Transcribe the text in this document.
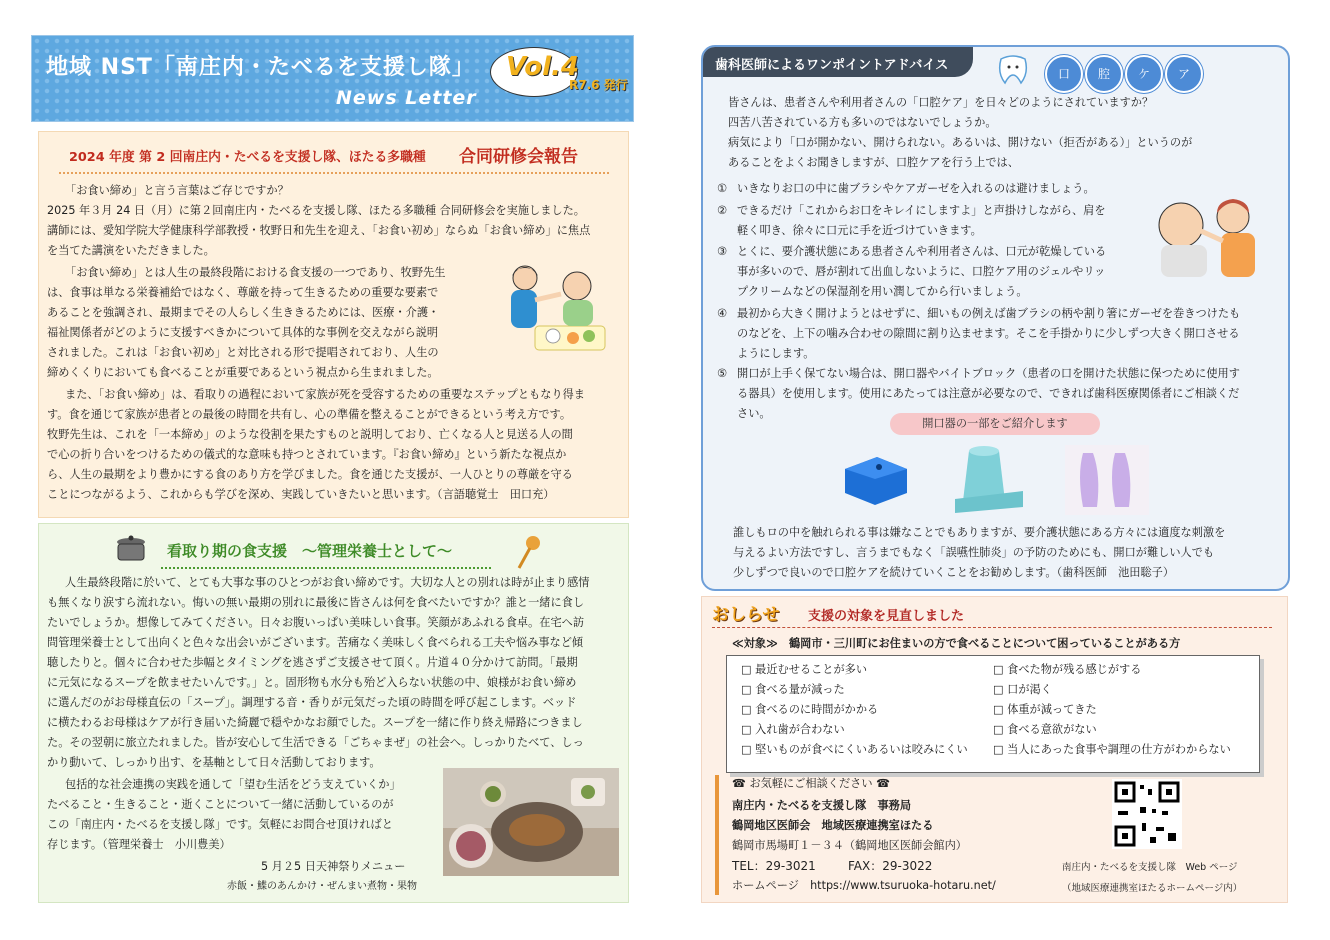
地域 NST「南庄内・たべるを支援し隊」
News Letter
Vol.4
R7.6 発行
2024 年度 第 2 回南庄内・たべるを支援し隊、ほたる多職種 合同研修会報告

「お食い締め」と言う言葉はご存じですか？

2025 年３月 24 日（月）に第２回南庄内・たべるを支援し隊、ほたる多職種 合同研修会を実施しました。

講師には、愛知学院大学健康科学部教授・牧野日和先生を迎え、「お食い初め」ならぬ「お食い締め」に焦点

を当てた講演をいただきました。

「お食い締め」とは人生の最終段階における食支援の一つであり、牧野先生

は、食事は単なる栄養補給ではなく、尊厳を持って生きるための重要な要素で

あることを強調され、最期までその人らしく生ききるためには、医療・介護・

福祉関係者がどのように支援すべきかについて具体的な事例を交えながら説明

されました。これは「お食い初め」と対比される形で提唱されており、人生の

締めくくりにおいても食べることが重要であるという視点から生まれました。

また、「お食い締め」は、看取りの過程において家族が死を受容するための重要なステップともなり得ま

す。食を通じて家族が患者との最後の時間を共有し、心の準備を整えることができるという考え方です。

牧野先生は、これを「一本締め」のような役割を果たすものと説明しており、亡くなる人と見送る人の間

で心の折り合いをつけるための儀式的な意味も持つとされています。『お食い締め』という新たな視点か

ら、人生の最期をより豊かにする食のあり方を学びました。食を通じた支援が、一人ひとりの尊厳を守る

ことにつながるよう、これからも学びを深め、実践していきたいと思います。（言語聴覚士　田口充）

看取り期の食支援　～管理栄養士として～

人生最終段階に於いて、とても大事な事のひとつがお食い締めです。大切な人との別れは時が止まり感情

も無くなり涙すら流れない。悔いの無い最期の別れに最後に皆さんは何を食べたいですか？誰と一緒に食し

たいでしょうか。想像してみてください。日々お腹いっぱい美味しい食事。笑顔があふれる食卓。在宅へ訪

問管理栄養士として出向くと色々な出会いがございます。苦痛なく美味しく食べられる工夫や悩み事など傾

聴したりと。個々に合わせた歩幅とタイミングを逃さずご支援させて頂く。片道４０分かけて訪問。「最期

に元気になるスープを飲ませたいんです。」と。固形物も水分も殆ど入らない状態の中、娘様がお食い締め

に選んだのがお母様直伝の「スープ」。調理する音・香りが元気だった頃の時間を呼び起こします。ベッド

に横たわるお母様はケアが行き届いた綺麗で穏やかなお顔でした。スープを一緒に作り終え帰路につきまし

た。その翌朝に旅立たれました。皆が安心して生活できる「ごちゃまぜ」の社会へ。しっかりたべて、しっ

かり動いて、しっかり出す、を基軸として日々活動しております。

包括的な社会連携の実践を通して「望む生活をどう支えていくか」

たべること・生きること・逝くことについて一緒に活動しているのが

この「南庄内・たべるを支援し隊」です。気軽にお問合せ頂ければと

存じます。（管理栄養士　小川豊美）

5 月２5 日天神祭りメニュー

赤飯・鰈のあんかけ・ぜんまい煮物・果物

歯科医師によるワンポイントアドバイス
口	腔	ケ	ア

皆さんは、患者さんや利用者さんの「口腔ケア」を日々どのようにされていますか？

四苦八苦されている方も多いのではないでしょうか。

病気により「口が開かない、開けられない。あるいは、開けない（拒否がある）」というのが

あることをよくお聞きしますが、口腔ケアを行う上では、

① いきなりお口の中に歯ブラシやケアガーゼを入れるのは避けましょう。

② できるだけ「これからお口をキレイにしますよ」と声掛けしながら、肩を

軽く叩き、徐々に口元に手を近づけていきます。

③ とくに、要介護状態にある患者さんや利用者さんは、口元が乾燥している

事が多いので、唇が割れて出血しないように、口腔ケア用のジェルやリッ

プクリームなどの保湿剤を用い潤してから行いましょう。

④ 最初から大きく開けようとはせずに、細いもの例えば歯ブラシの柄や割り箸にガーゼを巻きつけたも

のなどを、上下の噛み合わせの隙間に割り込ませます。そこを手掛かりに少しずつ大きく開口させる

ようにします。

⑤ 開口が上手く保てない場合は、開口器やバイトブロック（患者の口を開けた状態に保つために使用す

る器具）を使用します。使用にあたっては注意が必要なので、できれば歯科医療関係者にご相談くだ

さい。

開口器の一部をご紹介します

誰しもロの中を触れられる事は嫌なことでもありますが、要介護状態にある方々には適度な刺激を

与えるよい方法ですし、言うまでもなく「誤嚥性肺炎」の予防のためにも、開口が難しい人でも

少しずつで良いので口腔ケアを続けていくことをお勧めします。（歯科医師　池田聡子）

おしらせ 支援の対象を見直しました
≪対象≫　鶴岡市・三川町にお住まいの方で食べることについて困っていることがある方
□ 最近むせることが多い
□ 食べる量が減った
□ 食べるのに時間がかかる
□ 入れ歯が合わない
□ 堅いものが食べにくいあるいは咬みにくい
□ 食べた物が残る感じがする
□ 口が渇く
□ 体重が減ってきた
□ 食べる意欲がない
□ 当人にあった食事や調理の仕方がわからない
☎ お気軽にご相談ください ☎
南庄内・たべるを支援し隊　事務局
鶴岡地区医師会　地域医療連携室ほたる
鶴岡市馬場町１－３４（鶴岡地区医師会館内）
TEL：29-3021	FAX：29-3022
ホームページ　https://www.tsuruoka-hotaru.net/
南庄内・たべるを支援し隊　Web ページ
（地域医療連携室ほたるホームページ内）
